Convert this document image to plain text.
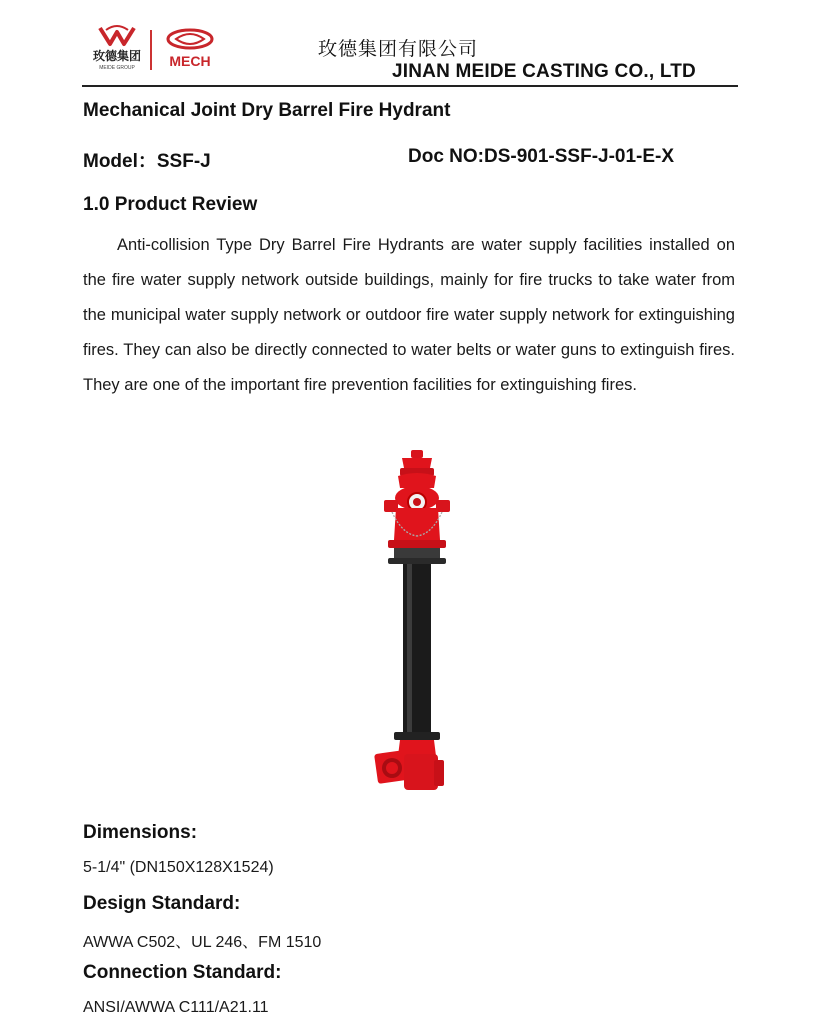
玫德集团
MEIDE GROUP MECH
玫德集团有限公司
JINAN MEIDE CASTING CO., LTD
Mechanical Joint Dry Barrel Fire Hydrant
Model：SSF-J	Doc NO:DS-901-SSF-J-01-E-X
1.0 Product Review
Anti-collision Type Dry Barrel Fire Hydrants are water supply facilities installed on the fire water supply network outside buildings, mainly for fire trucks to take water from the municipal water supply network or outdoor fire water supply network for extinguishing fires. They can also be directly connected to water belts or water guns to extinguish fires. They are one of the important fire prevention facilities for extinguishing fires.
Dimensions:
5-1/4" (DN150X128X1524)
Design Standard:
AWWA C502、UL 246、FM 1510
Connection Standard:
ANSI/AWWA C111/A21.11
